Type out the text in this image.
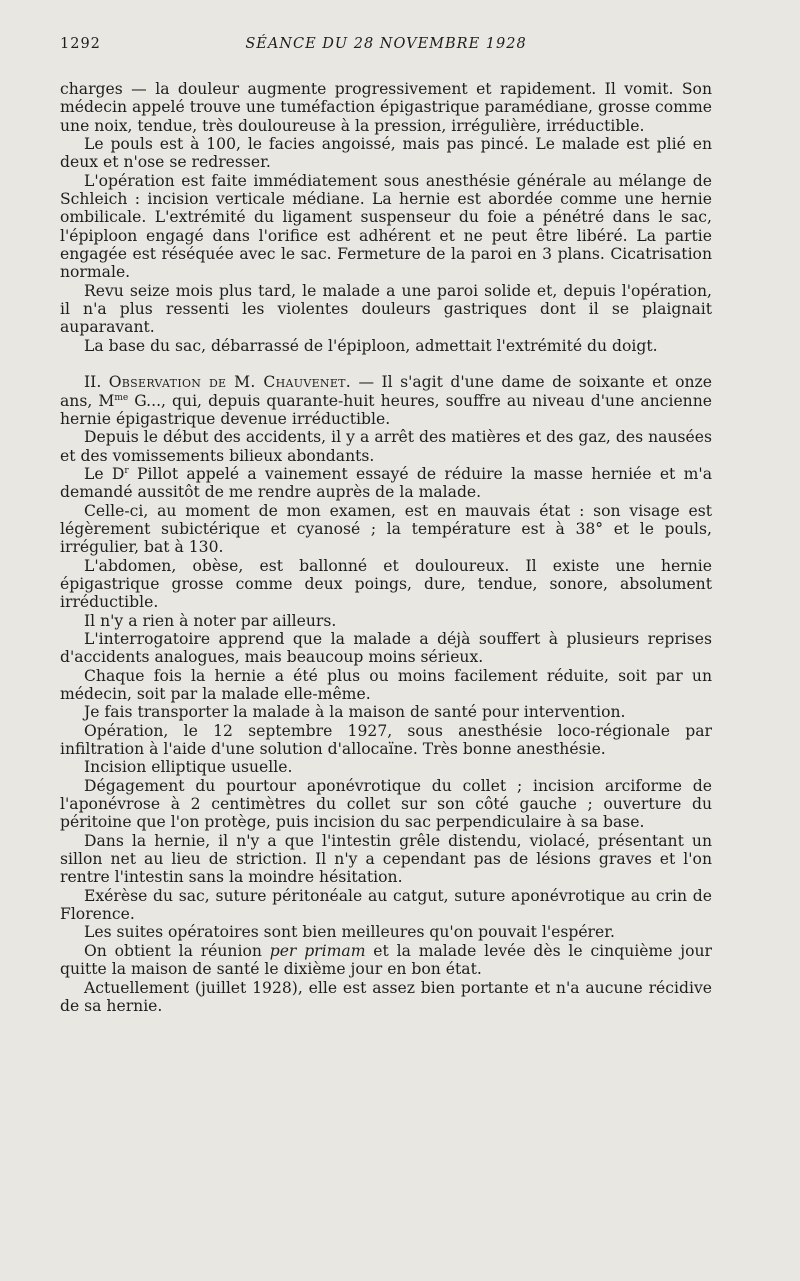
1292	SÉANCE DU 28 NOVEMBRE 1928

charges — la douleur augmente progressivement et rapidement. Il vomit. Son médecin appelé trouve une tuméfaction épigastrique paramédiane, grosse comme une noix, tendue, très douloureuse à la pression, irrégulière, irréductible.

Le pouls est à 100, le facies angoissé, mais pas pincé. Le malade est plié en deux et n'ose se redresser.

L'opération est faite immédiatement sous anesthésie générale au mélange de Schleich : incision verticale médiane. La hernie est abordée comme une hernie ombilicale. L'extrémité du ligament suspenseur du foie a pénétré dans le sac, l'épiploon engagé dans l'orifice est adhérent et ne peut être libéré. La partie engagée est réséquée avec le sac. Fermeture de la paroi en 3 plans. Cicatrisation normale.

Revu seize mois plus tard, le malade a une paroi solide et, depuis l'opération, il n'a plus ressenti les violentes douleurs gastriques dont il se plaignait auparavant.

La base du sac, débarrassé de l'épiploon, admettait l'extrémité du doigt.

II. Observation de M. Chauvenet. — Il s'agit d'une dame de soixante et onze ans, $M^{me}$ G..., qui, depuis quarante-huit heures, souffre au niveau d'une ancienne hernie épigastrique devenue irréductible.

Depuis le début des accidents, il y a arrêt des matières et des gaz, des nausées et des vomissements bilieux abondants.

Le $D^r$ Pillot appelé a vainement essayé de réduire la masse herniée et m'a demandé aussitôt de me rendre auprès de la malade.

Celle-ci, au moment de mon examen, est en mauvais état : son visage est légèrement subictérique et cyanosé ; la température est à 38° et le pouls, irrégulier, bat à 130.

L'abdomen, obèse, est ballonné et douloureux. Il existe une hernie épigastrique grosse comme deux poings, dure, tendue, sonore, absolument irréductible.

Il n'y a rien à noter par ailleurs.

L'interrogatoire apprend que la malade a déjà souffert à plusieurs reprises d'accidents analogues, mais beaucoup moins sérieux.

Chaque fois la hernie a été plus ou moins facilement réduite, soit par un médecin, soit par la malade elle-même.

Je fais transporter la malade à la maison de santé pour intervention.

Opération, le 12 septembre 1927, sous anesthésie loco-régionale par infiltration à l'aide d'une solution d'allocaïne. Très bonne anesthésie.

Incision elliptique usuelle.

Dégagement du pourtour aponévrotique du collet ; incision arciforme de l'aponévrose à 2 centimètres du collet sur son côté gauche ; ouverture du péritoine que l'on protège, puis incision du sac perpendiculaire à sa base.

Dans la hernie, il n'y a que l'intestin grêle distendu, violacé, présentant un sillon net au lieu de striction. Il n'y a cependant pas de lésions graves et l'on rentre l'intestin sans la moindre hésitation.

Exérèse du sac, suture péritonéale au catgut, suture aponévrotique au crin de Florence.

Les suites opératoires sont bien meilleures qu'on pouvait l'espérer.

On obtient la réunion per primam et la malade levée dès le cinquième jour quitte la maison de santé le dixième jour en bon état.

Actuellement (juillet 1928), elle est assez bien portante et n'a aucune récidive de sa hernie.
